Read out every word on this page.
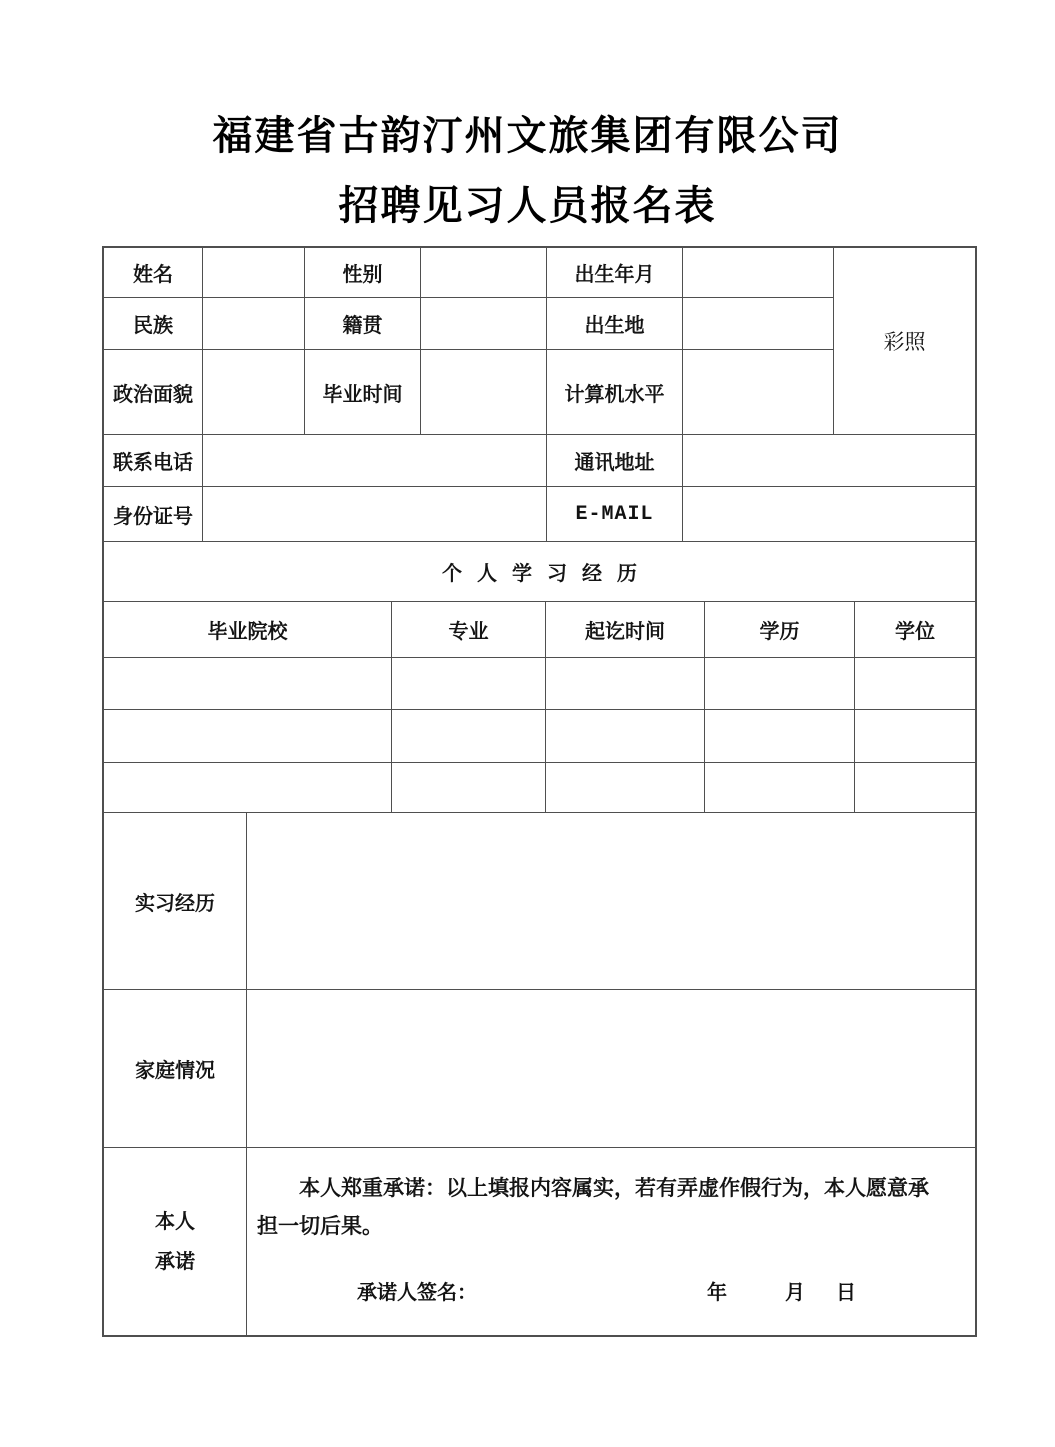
福建省古韵汀州文旅集团有限公司
招聘见习人员报名表
姓名	性别	出生年月
彩照
民族	籍贯	出生地
政治面貌	毕业时间	计算机水平
联系电话	通讯地址
身份证号	E-MAIL
个人学习经历
毕业院校	专业	起讫时间	学历	学位
实习经历
家庭情况
本人
承诺

本人郑重承诺：以上填报内容属实，若有弄虚作假行为，本人愿意承担一切后果。

承诺人签名：	年	月 日
